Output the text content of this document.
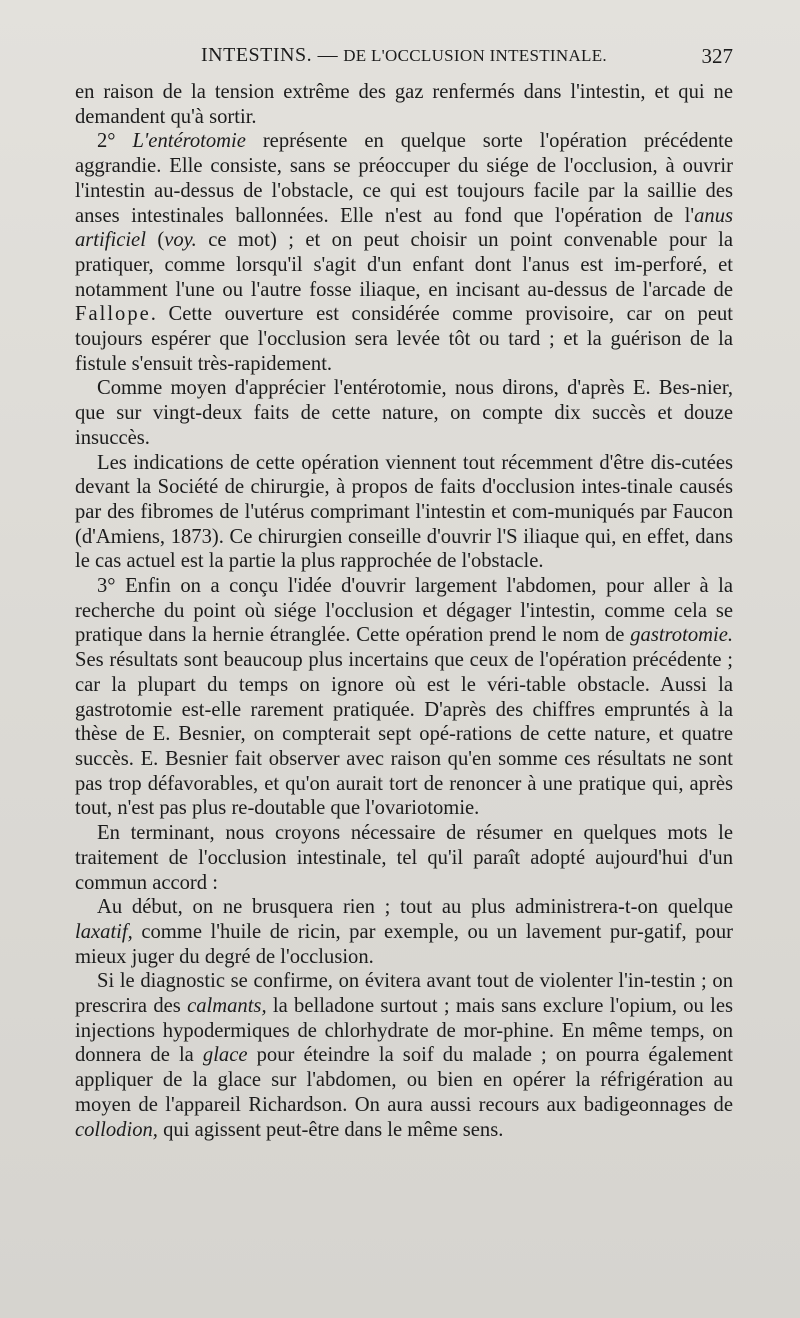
INTESTINS. — DE L'OCCLUSION INTESTINALE.	327

en raison de la tension extrême des gaz renfermés dans l'intestin, et qui ne demandent qu'à sortir.

2° L'entérotomie représente en quelque sorte l'opération précédente aggrandie. Elle consiste, sans se préoccuper du siége de l'occlusion, à ouvrir l'intestin au-dessus de l'obstacle, ce qui est toujours facile par la saillie des anses intestinales ballonnées. Elle n'est au fond que l'opération de l'anus artificiel (voy. ce mot) ; et on peut choisir un point convenable pour la pratiquer, comme lorsqu'il s'agit d'un enfant dont l'anus est im-perforé, et notamment l'une ou l'autre fosse iliaque, en incisant au-dessus de l'arcade de Fallope. Cette ouverture est considérée comme provisoire, car on peut toujours espérer que l'occlusion sera levée tôt ou tard ; et la guérison de la fistule s'ensuit très-rapidement.

Comme moyen d'apprécier l'entérotomie, nous dirons, d'après E. Bes-nier, que sur vingt-deux faits de cette nature, on compte dix succès et douze insuccès.

Les indications de cette opération viennent tout récemment d'être dis-cutées devant la Société de chirurgie, à propos de faits d'occlusion intes-tinale causés par des fibromes de l'utérus comprimant l'intestin et com-muniqués par Faucon (d'Amiens, 1873). Ce chirurgien conseille d'ouvrir l'S iliaque qui, en effet, dans le cas actuel est la partie la plus rapprochée de l'obstacle.

3° Enfin on a conçu l'idée d'ouvrir largement l'abdomen, pour aller à la recherche du point où siége l'occlusion et dégager l'intestin, comme cela se pratique dans la hernie étranglée. Cette opération prend le nom de gastrotomie. Ses résultats sont beaucoup plus incertains que ceux de l'opération précédente ; car la plupart du temps on ignore où est le véri-table obstacle. Aussi la gastrotomie est-elle rarement pratiquée. D'après des chiffres empruntés à la thèse de E. Besnier, on compterait sept opé-rations de cette nature, et quatre succès. E. Besnier fait observer avec raison qu'en somme ces résultats ne sont pas trop défavorables, et qu'on aurait tort de renoncer à une pratique qui, après tout, n'est pas plus re-doutable que l'ovariotomie.

En terminant, nous croyons nécessaire de résumer en quelques mots le traitement de l'occlusion intestinale, tel qu'il paraît adopté aujourd'hui d'un commun accord :

Au début, on ne brusquera rien ; tout au plus administrera-t-on quelque laxatif, comme l'huile de ricin, par exemple, ou un lavement pur-gatif, pour mieux juger du degré de l'occlusion.

Si le diagnostic se confirme, on évitera avant tout de violenter l'in-testin ; on prescrira des calmants, la belladone surtout ; mais sans exclure l'opium, ou les injections hypodermiques de chlorhydrate de mor-phine. En même temps, on donnera de la glace pour éteindre la soif du malade ; on pourra également appliquer de la glace sur l'abdomen, ou bien en opérer la réfrigération au moyen de l'appareil Richardson. On aura aussi recours aux badigeonnages de collodion, qui agissent peut-être dans le même sens.
